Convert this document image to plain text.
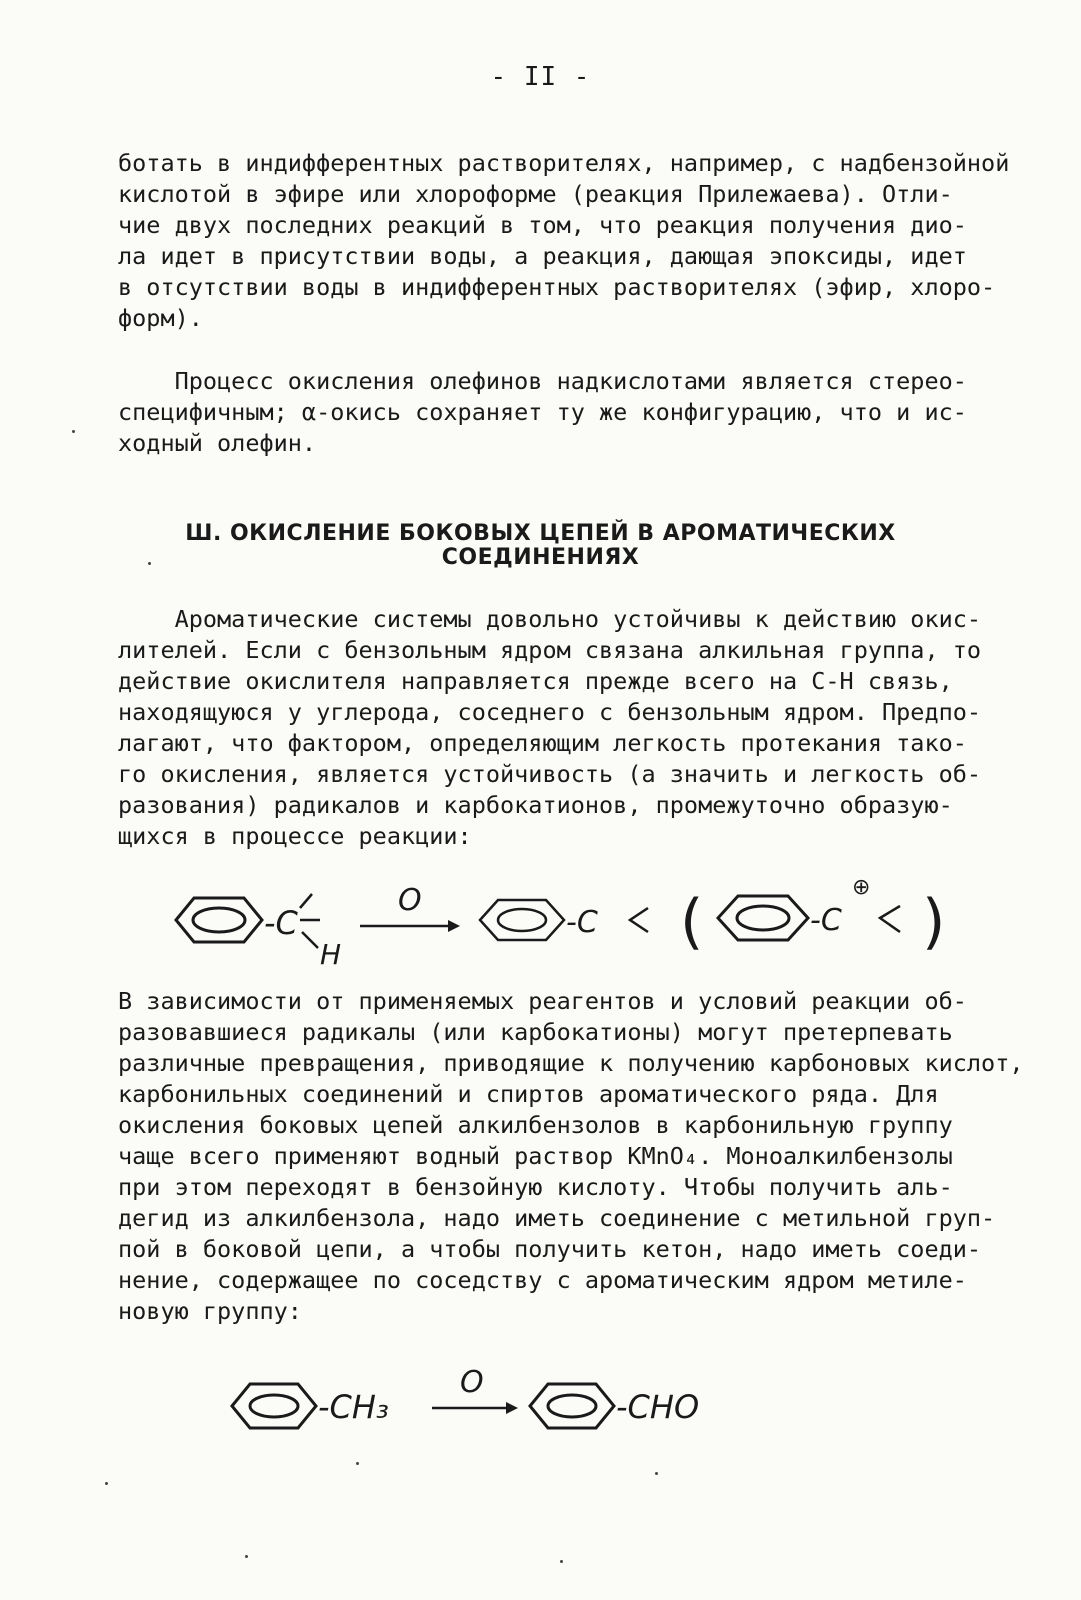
- II -
ботать в индифферентных растворителях, например, с надбензойной
кислотой в эфире или хлороформе (реакция Прилежаева). Отли-
чие двух последних реакций в том, что реакция получения дио-
ла идет в присутствии воды, а реакция, дающая эпоксиды, идет
в отсутствии воды в индифферентных растворителях (эфир, хлоро-
форм).
Процесс окисления олефинов надкислотами является стерео-
специфичным; α-окись сохраняет ту же конфигурацию, что и ис-
ходный олефин.
Ш. ОКИСЛЕНИЕ БОКОВЫХ ЦЕПЕЙ В АРОМАТИЧЕСКИХ
СОЕДИНЕНИЯХ
Ароматические системы довольно устойчивы к действию окис-
лителей. Если с бензольным ядром связана алкильная группа, то
действие окислителя направляется прежде всего на С-Н связь,
находящуюся у углерода, соседнего с бензольным ядром. Предпо-
лагают, что фактором, определяющим легкость протекания тако-
го окисления, является устойчивость (а значить и легкость об-
разования) радикалов и карбокатионов, промежуточно образую-
щихся в процессе реакции:
-C
H
O
-C (	-C
⊕ )
В зависимости от применяемых реагентов и условий реакции об-
разовавшиеся радикалы (или карбокатионы) могут претерпевать
различные превращения, приводящие к получению карбоновых кислот,
карбонильных соединений и спиртов ароматического ряда. Для
окисления боковых цепей алкилбензолов в карбонильную группу
чаще всего применяют водный раствор KMnO₄. Моноалкилбензолы
при этом переходят в бензойную кислоту. Чтобы получить аль-
дегид из алкилбензола, надо иметь соединение с метильной груп-
пой в боковой цепи, а чтобы получить кетон, надо иметь соеди-
нение, содержащее по соседству с ароматическим ядром метиле-
новую группу:
-CH₃
O
-CHO
